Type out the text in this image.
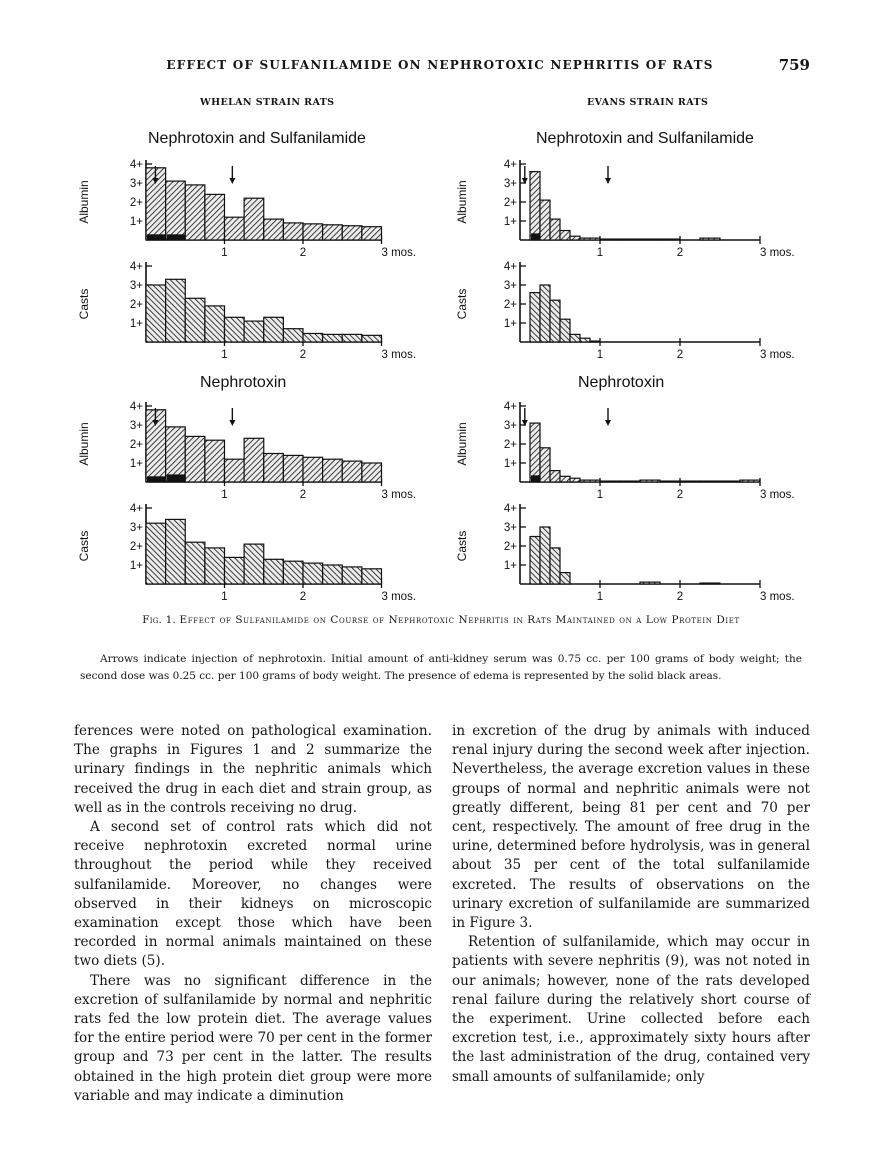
EFFECT OF SULFANILAMIDE ON NEPHROTOXIC NEPHRITIS OF RATS	759
WHELAN STRAIN RATS	EVANS STRAIN RATS
Nephrotoxin and Sulfanilamide	Nephrotoxin and Sulfanilamide
Nephrotoxin	Nephrotoxin
Albumin	1+
2+
3+
4+
1	2	3 mos.
Casts
1+
2+
3+
4+
1	2	3 mos.
Albumin	1+
2+
3+
4+
1	2	3 mos.
Casts
1+
2+
3+
4+
1	2	3 mos.
Albumin	1+
2+
3+
4+
1	2	3 mos.
Casts
1+
2+
3+
4+
1	2	3 mos.
Albumin	1+
2+
3+
4+
1	2	3 mos.
Casts
1+
2+
3+
4+
1	2	3 mos.
Fig. 1. Effect of Sulfanilamide on Course of Nephrotoxic Nephritis in Rats Maintained on a Low Protein Diet
Arrows indicate injection of nephrotoxin. Initial amount of anti-kidney serum was 0.75 cc. per 100 grams of body weight; the second dose was 0.25 cc. per 100 grams of body weight. The presence of edema is represented by the solid black areas.

ferences were noted on pathological examination. The graphs in Figures 1 and 2 summarize the urinary findings in the nephritic animals which received the drug in each diet and strain group, as well as in the controls receiving no drug.

A second set of control rats which did not receive nephrotoxin excreted normal urine throughout the period while they received sulfanilamide. Moreover, no changes were observed in their kidneys on microscopic examination except those which have been recorded in normal animals maintained on these two diets (5).

There was no significant difference in the excretion of sulfanilamide by normal and nephritic rats fed the low protein diet. The average values for the entire period were 70 per cent in the former group and 73 per cent in the latter. The results obtained in the high protein diet group were more variable and may indicate a diminution

in excretion of the drug by animals with induced renal injury during the second week after injection. Nevertheless, the average excretion values in these groups of normal and nephritic animals were not greatly different, being 81 per cent and 70 per cent, respectively. The amount of free drug in the urine, determined before hydrolysis, was in general about 35 per cent of the total sulfanilamide excreted. The results of observations on the urinary excretion of sulfanilamide are summarized in Figure 3.

Retention of sulfanilamide, which may occur in patients with severe nephritis (9), was not noted in our animals; however, none of the rats developed renal failure during the relatively short course of the experiment. Urine collected before each excretion test, i.e., approximately sixty hours after the last administration of the drug, contained very small amounts of sulfanilamide; only
